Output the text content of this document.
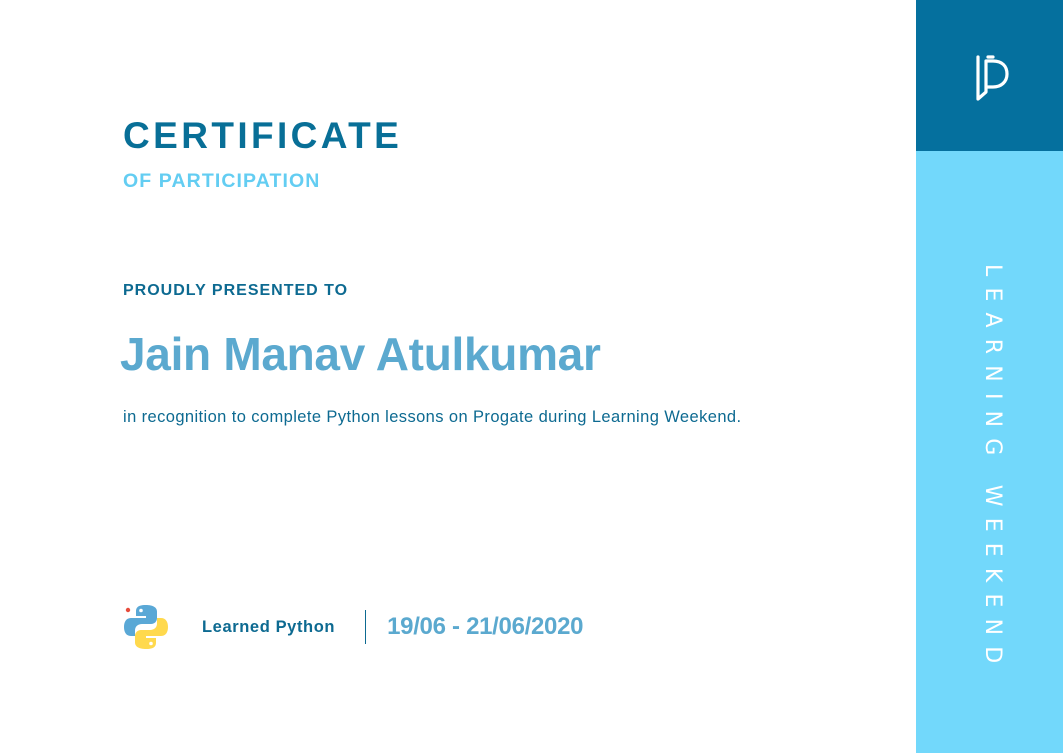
CERTIFICATE
OF PARTICIPATION
PROUDLY PRESENTED TO
Jain Manav Atulkumar
in recognition to complete Python lessons on Progate during Learning Weekend.
Learned Python 19/06 - 21/06/2020	LEARNING WEEKEND
